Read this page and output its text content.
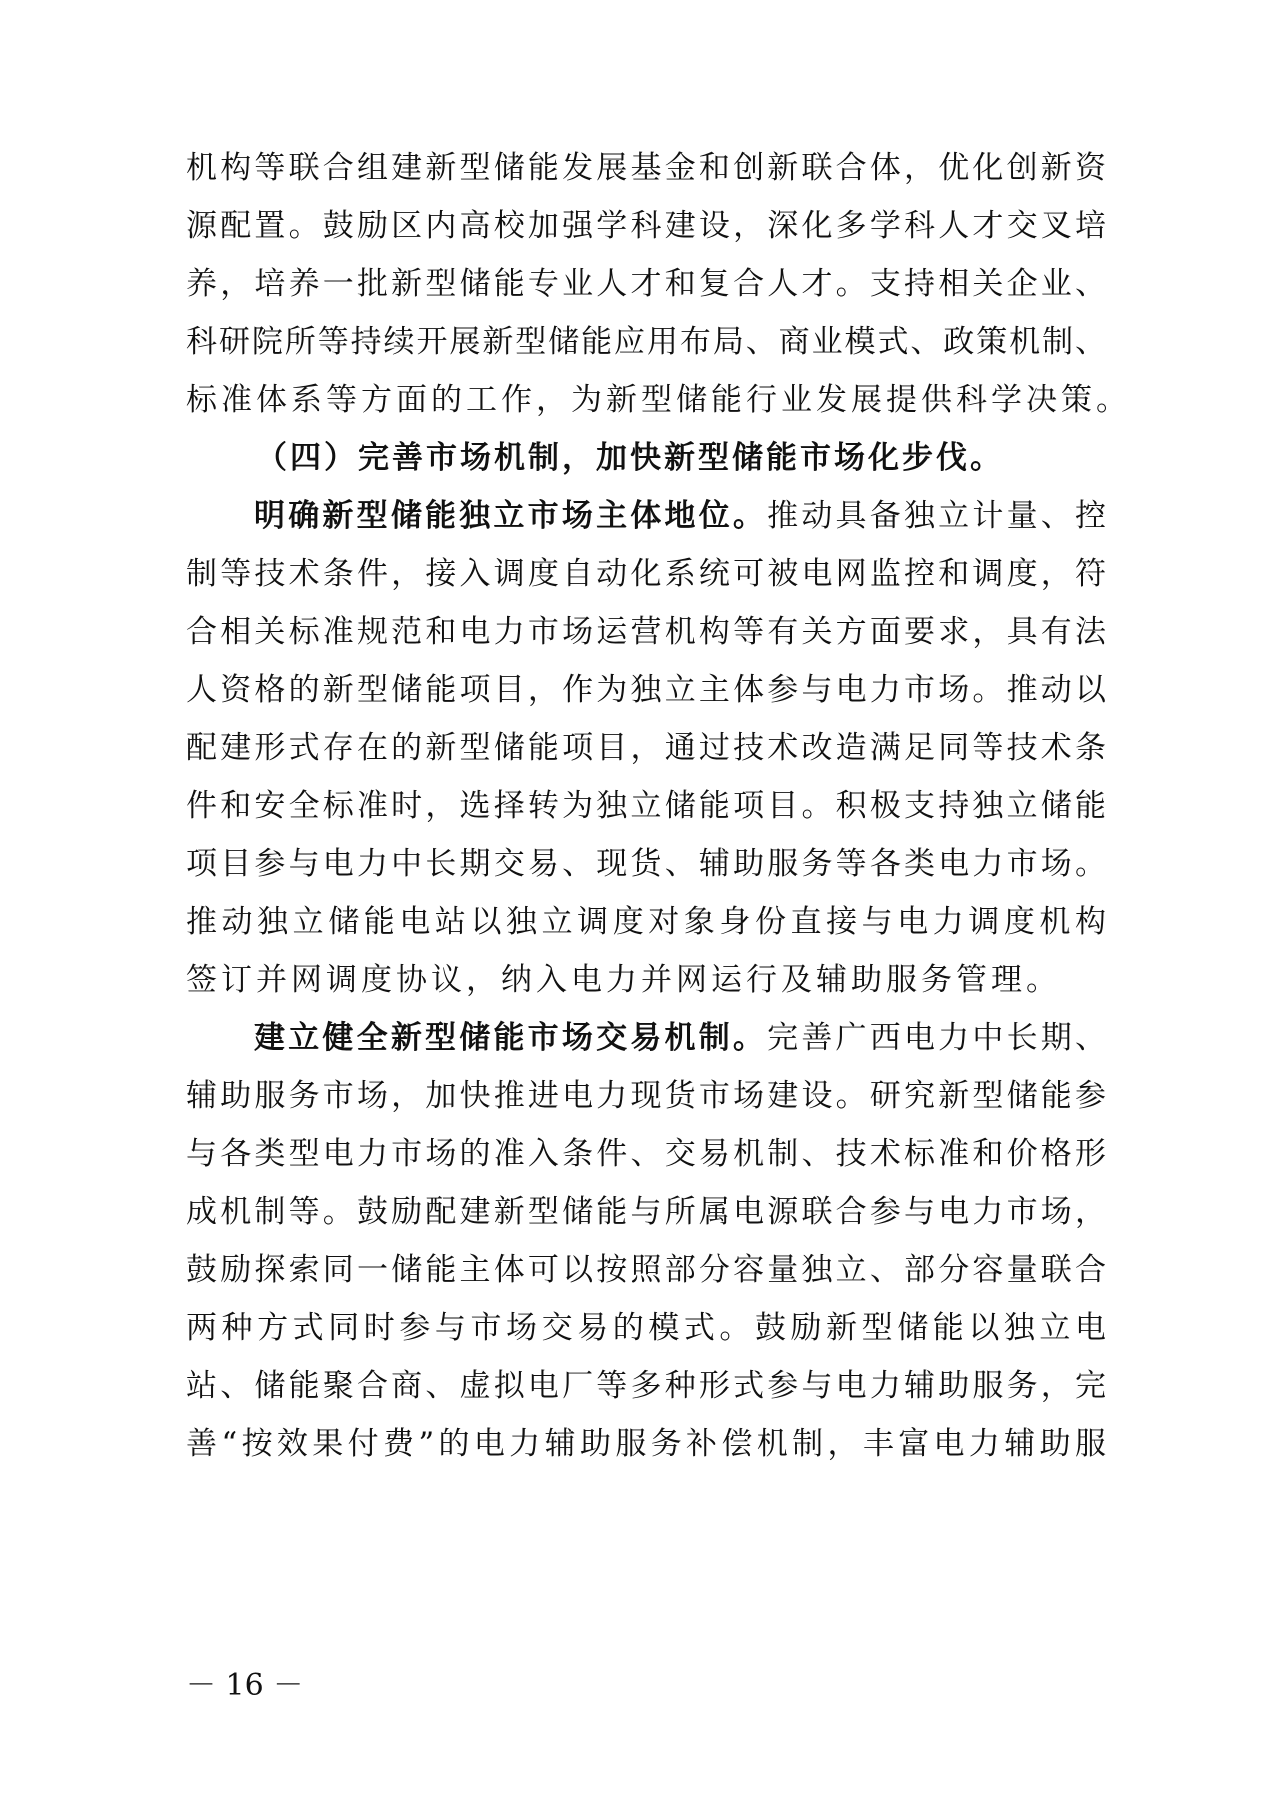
机构等联合组建新型储能发展基金和创新联合体，优化创新资
源配置。鼓励区内高校加强学科建设，深化多学科人才交叉培
养，培养一批新型储能专业人才和复合人才。支持相关企业、
科研院所等持续开展新型储能应用布局、商业模式、政策机制、
标准体系等方面的工作，为新型储能行业发展提供科学决策。
（四）完善市场机制，加快新型储能市场化步伐。
明确新型储能独立市场主体地位。推动具备独立计量、控
制等技术条件，接入调度自动化系统可被电网监控和调度，符
合相关标准规范和电力市场运营机构等有关方面要求，具有法
人资格的新型储能项目，作为独立主体参与电力市场。推动以
配建形式存在的新型储能项目，通过技术改造满足同等技术条
件和安全标准时，选择转为独立储能项目。积极支持独立储能
项目参与电力中长期交易、现货、辅助服务等各类电力市场。
推动独立储能电站以独立调度对象身份直接与电力调度机构
签订并网调度协议，纳入电力并网运行及辅助服务管理。
建立健全新型储能市场交易机制。完善广西电力中长期、
辅助服务市场，加快推进电力现货市场建设。研究新型储能参
与各类型电力市场的准入条件、交易机制、技术标准和价格形
成机制等。鼓励配建新型储能与所属电源联合参与电力市场，
鼓励探索同一储能主体可以按照部分容量独立、部分容量联合
两种方式同时参与市场交易的模式。鼓励新型储能以独立电
站、储能聚合商、虚拟电厂等多种形式参与电力辅助服务，完
善“按效果付费”的电力辅助服务补偿机制，丰富电力辅助服
－ 16 －
